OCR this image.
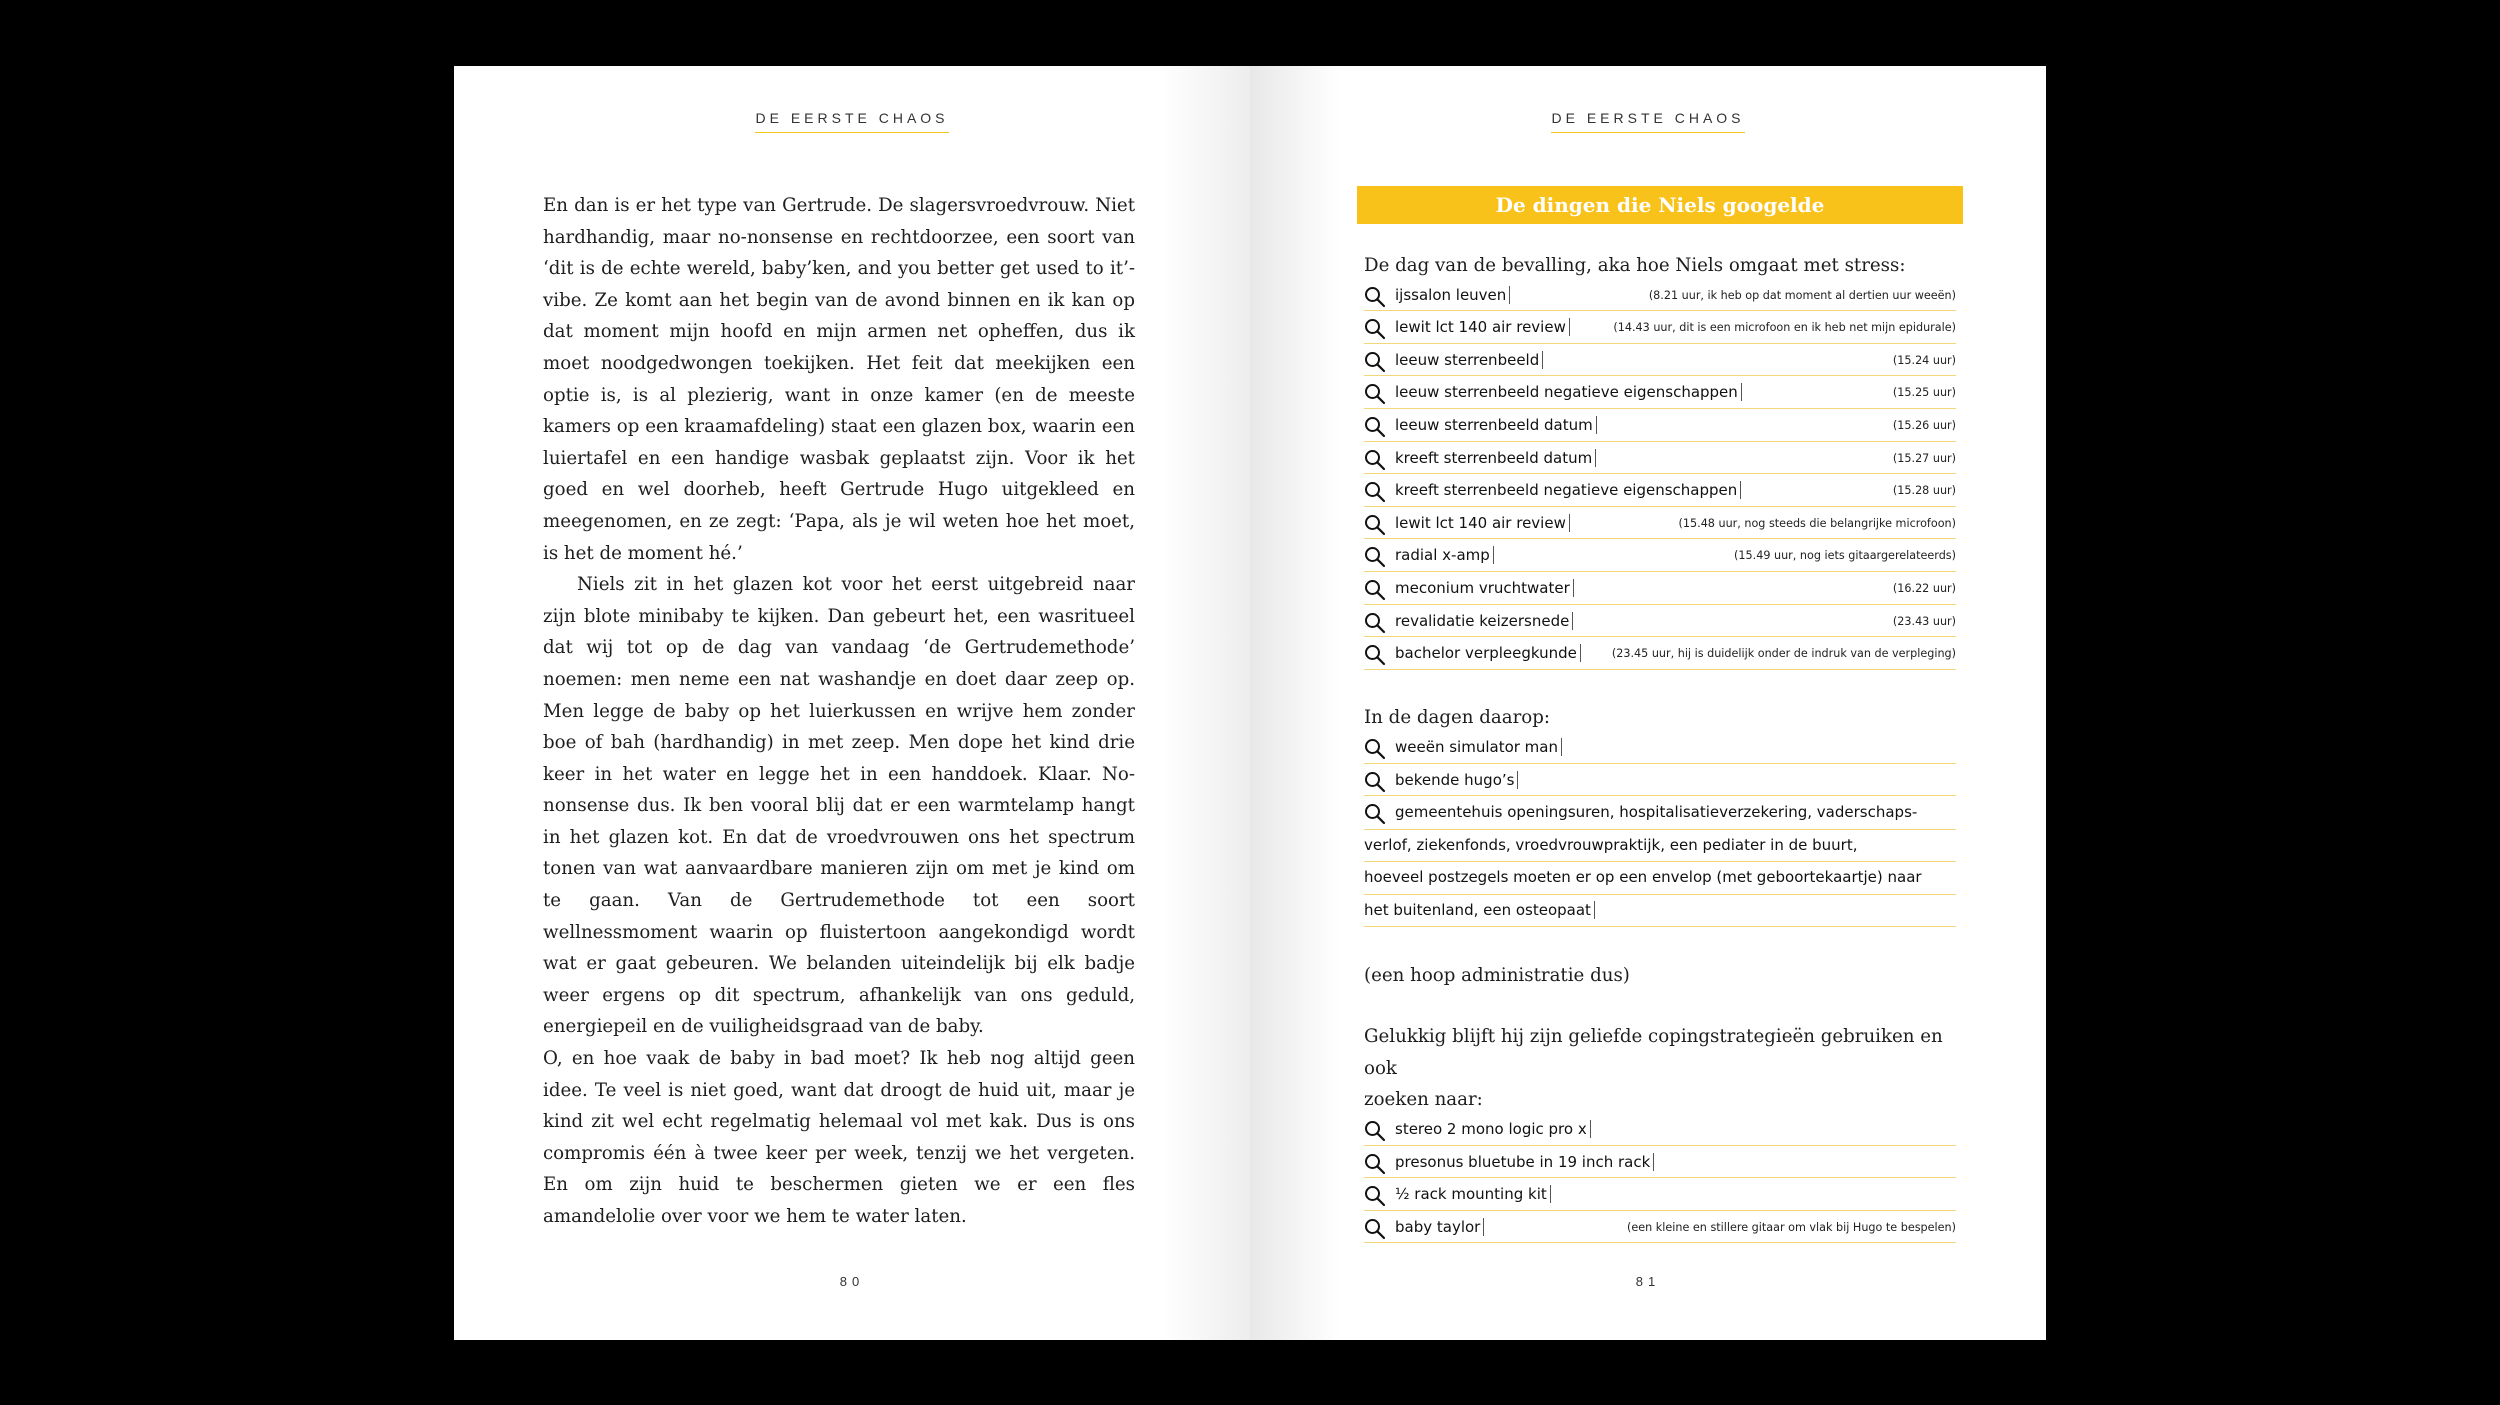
DE EERSTE CHAOS

En dan is er het type van Gertrude. De slagersvroedvrouw. Niet hardhandig, maar no-nonsense en rechtdoorzee, een soort van ‘dit is de echte wereld, baby’ken, and you better get used to it’-vibe. Ze komt aan het begin van de avond binnen en ik kan op dat moment mijn hoofd en mijn armen net opheffen, dus ik moet noodgedwongen toekijken. Het feit dat meekijken een optie is, is al plezierig, want in onze kamer (en de meeste kamers op een kraamafdeling) staat een glazen box, waarin een luiertafel en een handige wasbak geplaatst zijn. Voor ik het goed en wel doorheb, heeft Gertrude Hugo uitgekleed en meegenomen, en ze zegt: ‘Papa, als je wil weten hoe het moet, is het de moment hé.’

Niels zit in het glazen kot voor het eerst uitgebreid naar zijn blote minibaby te kijken. Dan gebeurt het, een wasritueel dat wij tot op de dag van vandaag ‘de Gertrudemethode’ noemen: men neme een nat washandje en doet daar zeep op. Men legge de baby op het luierkussen en wrijve hem zonder boe of bah (hardhandig) in met zeep. Men dope het kind drie keer in het water en legge het in een handdoek. Klaar. No-nonsense dus. Ik ben vooral blij dat er een warmtelamp hangt in het glazen kot. En dat de vroedvrouwen ons het spectrum tonen van wat aanvaardbare manieren zijn om met je kind om te gaan. Van de Gertrudemethode tot een soort wellnessmoment waarin op fluistertoon aangekondigd wordt wat er gaat gebeuren. We belanden uiteindelijk bij elk badje weer ergens op dit spectrum, afhankelijk van ons geduld, energiepeil en de vuiligheidsgraad van de baby.

O, en hoe vaak de baby in bad moet? Ik heb nog altijd geen idee. Te veel is niet goed, want dat droogt de huid uit, maar je kind zit wel echt regelmatig helemaal vol met kak. Dus is ons compromis één à twee keer per week, tenzij we het vergeten. En om zijn huid te beschermen gieten we er een fles amandelolie over voor we hem te water laten.

80
DE EERSTE CHAOS
De dingen die Niels googelde

De dag van de bevalling, aka hoe Niels omgaat met stress:

ijssalon leuven	(8.21 uur, ik heb op dat moment al dertien uur weeën)
lewit lct 140 air review	(14.43 uur, dit is een microfoon en ik heb net mijn epidurale)
leeuw sterrenbeeld	(15.24 uur)
leeuw sterrenbeeld negatieve eigenschappen	(15.25 uur)
leeuw sterrenbeeld datum	(15.26 uur)
kreeft sterrenbeeld datum	(15.27 uur)
kreeft sterrenbeeld negatieve eigenschappen	(15.28 uur)
lewit lct 140 air review	(15.48 uur, nog steeds die belangrijke microfoon)
radial x-amp	(15.49 uur, nog iets gitaargerelateerds)
meconium vruchtwater	(16.22 uur)
revalidatie keizersnede	(23.43 uur)
bachelor verpleegkunde	(23.45 uur, hij is duidelijk onder de indruk van de verpleging)

In de dagen daarop:

weeën simulator man
bekende hugo’s
gemeentehuis openingsuren, hospitalisatieverzekering, vaderschaps-
verlof, ziekenfonds, vroedvrouwpraktijk, een pediater in de buurt,
hoeveel postzegels moeten er op een envelop (met geboortekaartje) naar
het buitenland, een osteopaat

(een hoop administratie dus)

Gelukkig blijft hij zijn geliefde copingstrategieën gebruiken en ook

zoeken naar:

stereo 2 mono logic pro x
presonus bluetube in 19 inch rack
½ rack mounting kit
baby taylor	(een kleine en stillere gitaar om vlak bij Hugo te bespelen)
81
